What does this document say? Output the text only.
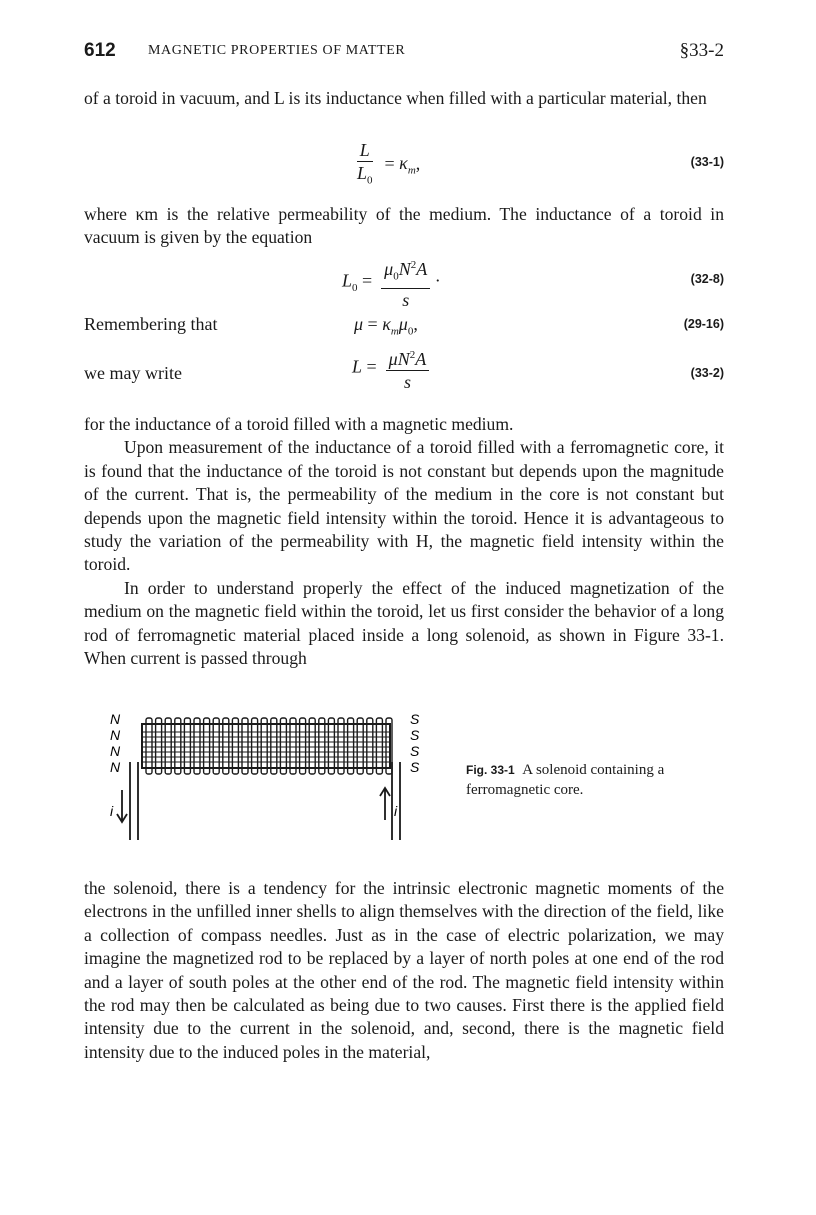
612 MAGNETIC PROPERTIES OF MATTER	§33-2

of a toroid in vacuum, and L is its inductance when filled with a particular material, then

$\frac{L}{L_0} = \kappa_m$,	(33-1)

where κm is the relative permeability of the medium. The inductance of a toroid in vacuum is given by the equation

$L_0 = \frac{\mu_0N^2A}{s}$ ·	(32-8)
Remembering that	$\mu = \kappa_m\mu_0$,	(29-16)
we may write	$L = \frac{\mu N^2A}{s}$	(33-2)

for the inductance of a toroid filled with a magnetic medium.

Upon measurement of the inductance of a toroid filled with a ferromagnetic core, it is found that the inductance of the toroid is not constant but depends upon the magnitude of the current. That is, the permeability of the medium in the core is not constant but depends upon the magnetic field intensity within the toroid. Hence it is advantageous to study the variation of the permeability with H, the magnetic field intensity within the toroid.

In order to understand properly the effect of the induced magnetization of the medium on the magnetic field within the toroid, let us first consider the behavior of a long rod of ferromagnetic material placed inside a long solenoid, as shown in Figure 33-1. When current is passed through

N
N
N
N
S
S
S
S
i	i
Fig. 33-1 A solenoid containing a ferromagnetic core.

the solenoid, there is a tendency for the intrinsic electronic magnetic moments of the electrons in the unfilled inner shells to align themselves with the direction of the field, like a collection of compass needles. Just as in the case of electric polarization, we may imagine the magnetized rod to be replaced by a layer of north poles at one end of the rod and a layer of south poles at the other end of the rod. The magnetic field intensity within the rod may then be calculated as being due to two causes. First there is the applied field intensity due to the current in the solenoid, and, second, there is the magnetic field intensity due to the induced poles in the material,
